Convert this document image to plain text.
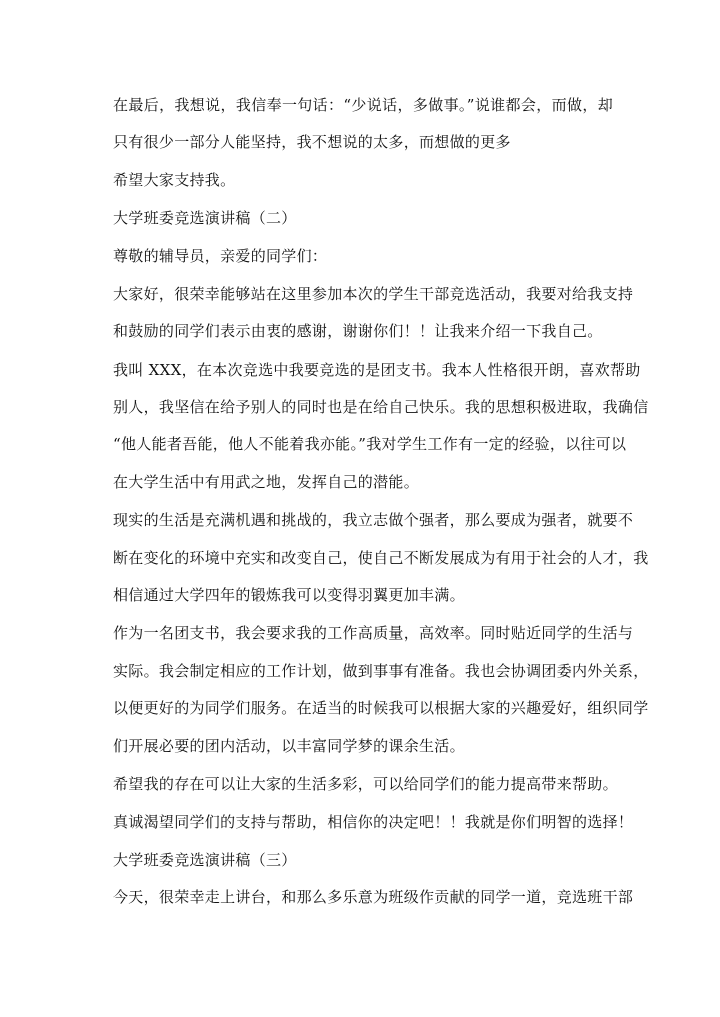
在最后，我想说，我信奉一句话：“少说话，多做事。”说谁都会，而做，却
只有很少一部分人能坚持，我不想说的太多，而想做的更多
希望大家支持我。
大学班委竞选演讲稿（二）
尊敬的辅导员，亲爱的同学们：
大家好，很荣幸能够站在这里参加本次的学生干部竞选活动，我要对给我支持
和鼓励的同学们表示由衷的感谢，谢谢你们！！让我来介绍一下我自己。
我叫 XXX，在本次竞选中我要竞选的是团支书。我本人性格很开朗，喜欢帮助
别人，我坚信在给予别人的同时也是在给自己快乐。我的思想积极进取，我确信
“他人能者吾能，他人不能着我亦能。”我对学生工作有一定的经验，以往可以
在大学生活中有用武之地，发挥自己的潜能。
现实的生活是充满机遇和挑战的，我立志做个强者，那么要成为强者，就要不
断在变化的环境中充实和改变自己，使自己不断发展成为有用于社会的人才，我
相信通过大学四年的锻炼我可以变得羽翼更加丰满。
作为一名团支书，我会要求我的工作高质量，高效率。同时贴近同学的生活与
实际。我会制定相应的工作计划，做到事事有准备。我也会协调团委内外关系，
以便更好的为同学们服务。在适当的时候我可以根据大家的兴趣爱好，组织同学
们开展必要的团内活动，以丰富同学梦的课余生活。
希望我的存在可以让大家的生活多彩，可以给同学们的能力提高带来帮助。
真诚渴望同学们的支持与帮助，相信你的决定吧！！我就是你们明智的选择！
大学班委竞选演讲稿（三）
今天，很荣幸走上讲台，和那么多乐意为班级作贡献的同学一道，竞选班干部
